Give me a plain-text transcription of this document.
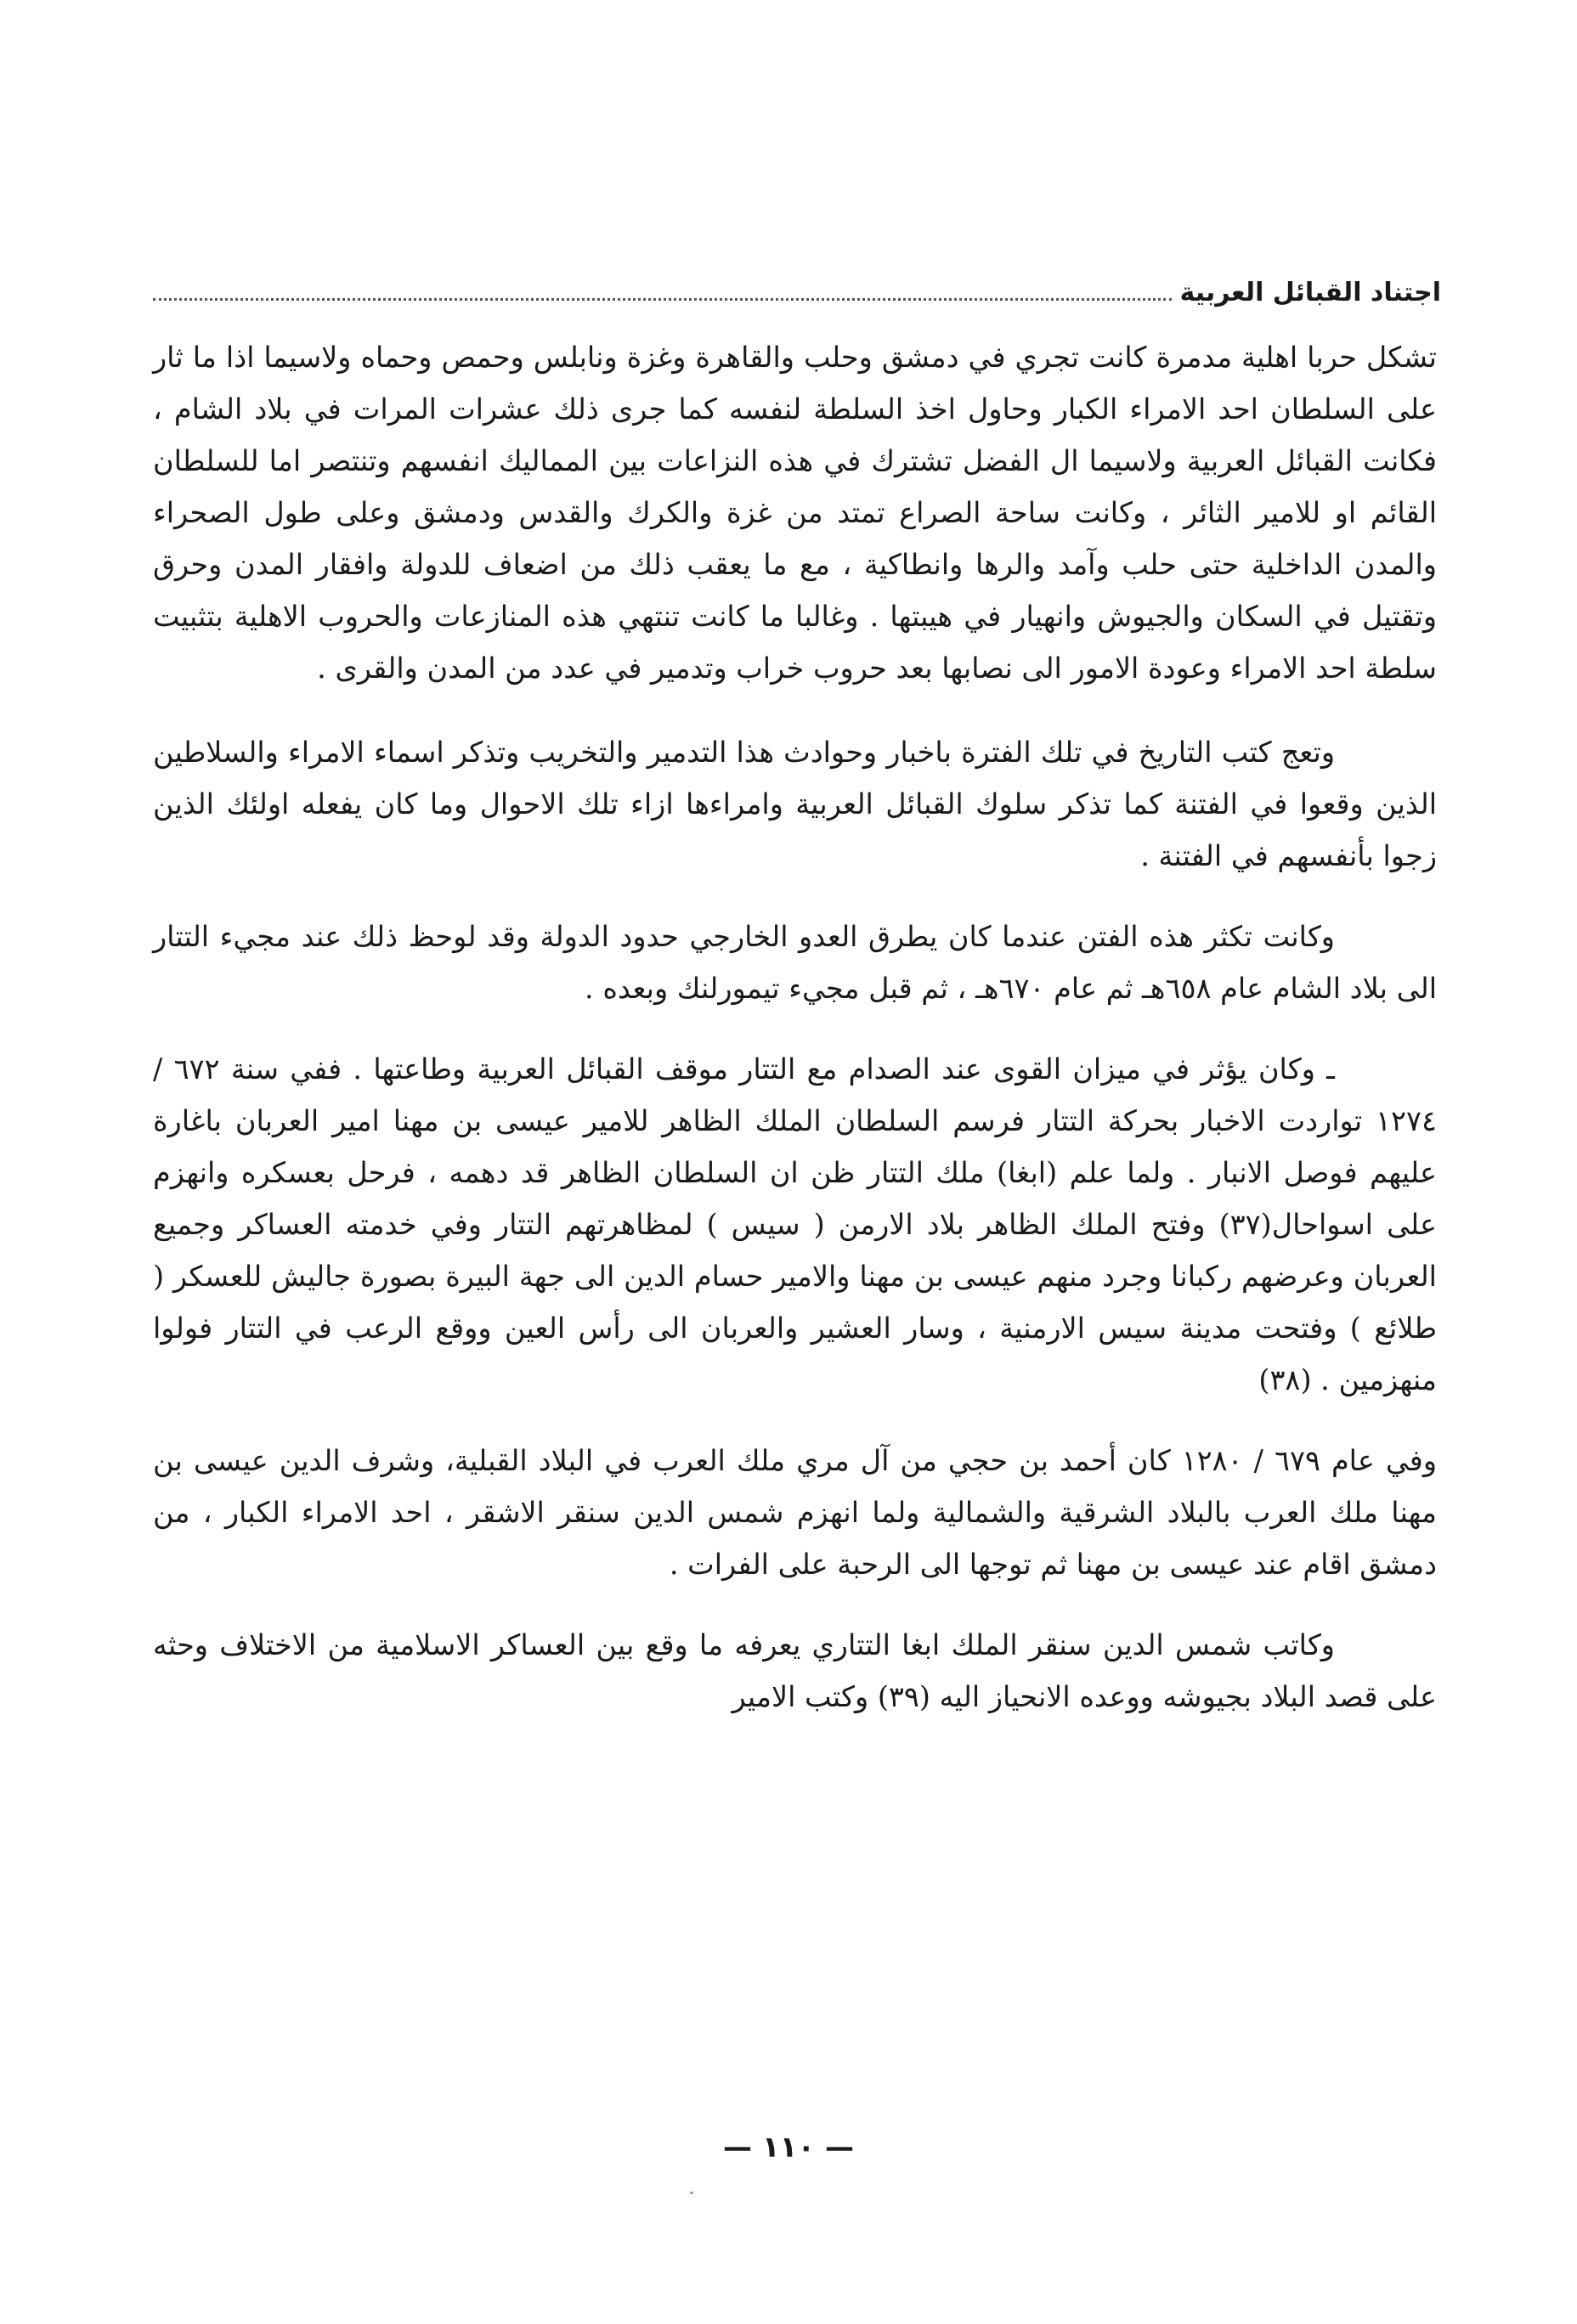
اجتناد القبائل العربية

تشكل حربا اهلية مدمرة كانت تجري في دمشق وحلب والقاهرة وغزة ونابلس وحمص وحماه ولاسيما اذا ما ثار على السلطان احد الامراء الكبار وحاول اخذ السلطة لنفسه كما جرى ذلك عشرات المرات في بلاد الشام ، فكانت القبائل العربية ولاسيما ال الفضل تشترك في هذه النزاعات بين المماليك انفسهم وتنتصر اما للسلطان القائم او للامير الثائر ، وكانت ساحة الصراع تمتد من غزة والكرك والقدس ودمشق وعلى طول الصحراء والمدن الداخلية حتى حلب وآمد والرها وانطاكية ، مع ما يعقب ذلك من اضعاف للدولة وافقار المدن وحرق وتقتيل في السكان والجيوش وانهيار في هيبتها . وغالبا ما كانت تنتهي هذه المنازعات والحروب الاهلية بتثبيت سلطة احد الامراء وعودة الامور الى نصابها بعد حروب خراب وتدمير في عدد من المدن والقرى .

وتعج كتب التاريخ في تلك الفترة باخبار وحوادث هذا التدمير والتخريب وتذكر اسماء الامراء والسلاطين الذين وقعوا في الفتنة كما تذكر سلوك القبائل العربية وامراءها ازاء تلك الاحوال وما كان يفعله اولئك الذين زجوا بأنفسهم في الفتنة .

وكانت تكثر هذه الفتن عندما كان يطرق العدو الخارجي حدود الدولة وقد لوحظ ذلك عند مجيء التتار الى بلاد الشام عام ٦٥٨هـ ثم عام ٦٧٠هـ ، ثم قبل مجيء تيمورلنك وبعده .

ـ وكان يؤثر في ميزان القوى عند الصدام مع التتار موقف القبائل العربية وطاعتها . ففي سنة ٦٧٢ / ١٢٧٤ تواردت الاخبار بحركة التتار فرسم السلطان الملك الظاهر للامير عيسى بن مهنا امير العربان باغارة عليهم فوصل الانبار . ولما علم (ابغا) ملك التتار ظن ان السلطان الظاهر قد دهمه ، فرحل بعسكره وانهزم على اسواحال(٣٧) وفتح الملك الظاهر بلاد الارمن ( سيس ) لمظاهرتهم التتار وفي خدمته العساكر وجميع العربان وعرضهم ركبانا وجرد منهم عيسى بن مهنا والامير حسام الدين الى جهة البيرة بصورة جاليش للعسكر ( طلائع ) وفتحت مدينة سيس الارمنية ، وسار العشير والعربان الى رأس العين ووقع الرعب في التتار فولوا منهزمين . (٣٨)

وفي عام ٦٧٩ / ١٢٨٠ كان أحمد بن حجي من آل مري ملك العرب في البلاد القبلية، وشرف الدين عيسى بن مهنا ملك العرب بالبلاد الشرقية والشمالية ولما انهزم شمس الدين سنقر الاشقر ، احد الامراء الكبار ، من دمشق اقام عند عيسى بن مهنا ثم توجها الى الرحبة على الفرات .

وكاتب شمس الدين سنقر الملك ابغا التتاري يعرفه ما وقع بين العساكر الاسلامية من الاختلاف وحثه على قصد البلاد بجيوشه ووعده الانحياز اليه (٣٩) وكتب الامير

— ١١٠ —
ˇ
